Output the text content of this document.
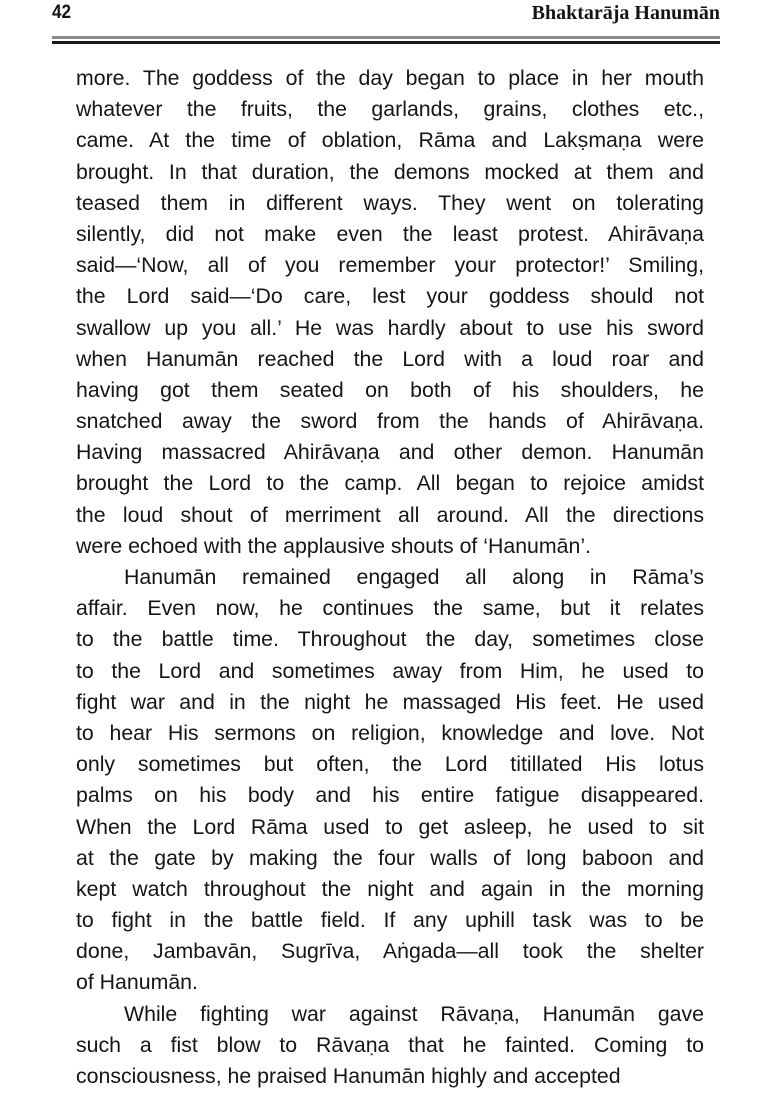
42	Bhaktarāja Hanumān
more. The goddess of the day began to place in her mouth
whatever the fruits, the garlands, grains, clothes etc.,
came. At the time of oblation, Rāma and Lakṣmaṇa were
brought. In that duration, the demons mocked at them and
teased them in different ways. They went on tolerating
silently, did not make even the least protest. Ahirāvaṇa
said—‘Now, all of you remember your protector!’ Smiling,
the Lord said—‘Do care, lest your goddess should not
swallow up you all.’ He was hardly about to use his sword
when Hanumān reached the Lord with a loud roar and
having got them seated on both of his shoulders, he
snatched away the sword from the hands of Ahirāvaṇa.
Having massacred Ahirāvaṇa and other demon. Hanumān
brought the Lord to the camp. All began to rejoice amidst
the loud shout of merriment all around. All the directions
were echoed with the applausive shouts of ‘Hanumān’.
Hanumān remained engaged all along in Rāma’s
affair. Even now, he continues the same, but it relates
to the battle time. Throughout the day, sometimes close
to the Lord and sometimes away from Him, he used to
fight war and in the night he massaged His feet. He used
to hear His sermons on religion, knowledge and love. Not
only sometimes but often, the Lord titillated His lotus
palms on his body and his entire fatigue disappeared.
When the Lord Rāma used to get asleep, he used to sit
at the gate by making the four walls of long baboon and
kept watch throughout the night and again in the morning
to fight in the battle field. If any uphill task was to be
done, Jambavān, Sugrīva, Aṅgada—all took the shelter
of Hanumān.
While fighting war against Rāvaṇa, Hanumān gave
such a fist blow to Rāvaṇa that he fainted. Coming to
consciousness, he praised Hanumān highly and accepted
